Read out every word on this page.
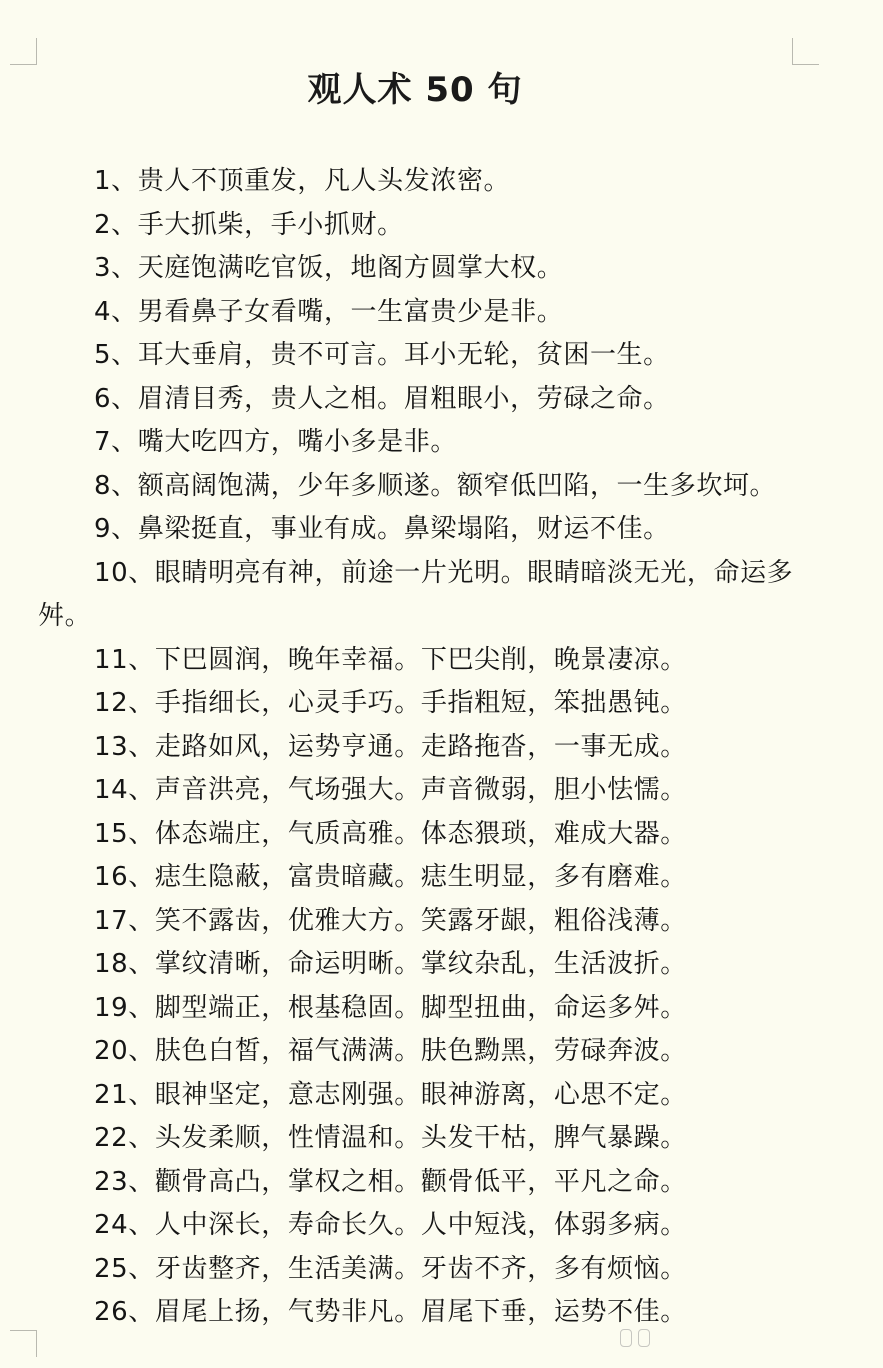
观人术 50 句
1、贵人不顶重发，凡人头发浓密。
2、手大抓柴，手小抓财。
3、天庭饱满吃官饭，地阁方圆掌大权。
4、男看鼻子女看嘴，一生富贵少是非。
5、耳大垂肩，贵不可言。耳小无轮，贫困一生。
6、眉清目秀，贵人之相。眉粗眼小，劳碌之命。
7、嘴大吃四方，嘴小多是非。
8、额高阔饱满，少年多顺遂。额窄低凹陷，一生多坎坷。
9、鼻梁挺直，事业有成。鼻梁塌陷，财运不佳。
10、眼睛明亮有神，前途一片光明。眼睛暗淡无光，命运多舛。
11、下巴圆润，晚年幸福。下巴尖削，晚景凄凉。
12、手指细长，心灵手巧。手指粗短，笨拙愚钝。
13、走路如风，运势亨通。走路拖沓，一事无成。
14、声音洪亮，气场强大。声音微弱，胆小怯懦。
15、体态端庄，气质高雅。体态猥琐，难成大器。
16、痣生隐蔽，富贵暗藏。痣生明显，多有磨难。
17、笑不露齿，优雅大方。笑露牙龈，粗俗浅薄。
18、掌纹清晰，命运明晰。掌纹杂乱，生活波折。
19、脚型端正，根基稳固。脚型扭曲，命运多舛。
20、肤色白皙，福气满满。肤色黝黑，劳碌奔波。
21、眼神坚定，意志刚强。眼神游离，心思不定。
22、头发柔顺，性情温和。头发干枯，脾气暴躁。
23、颧骨高凸，掌权之相。颧骨低平，平凡之命。
24、人中深长，寿命长久。人中短浅，体弱多病。
25、牙齿整齐，生活美满。牙齿不齐，多有烦恼。
26、眉尾上扬，气势非凡。眉尾下垂，运势不佳。
